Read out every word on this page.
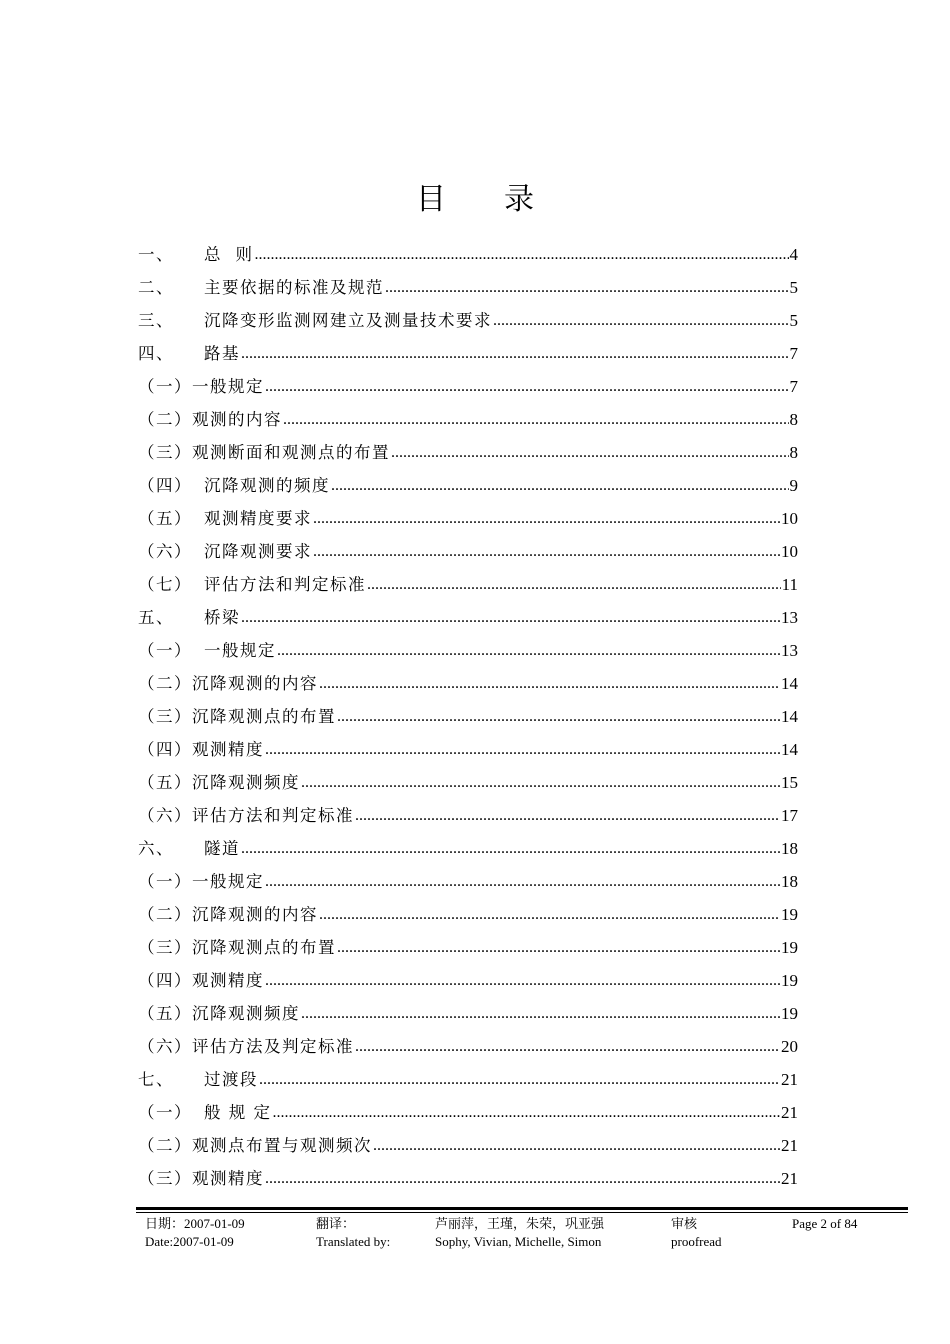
目 录
一、	总  则 .....	4
二、	主要依据的标准及规范 .....	5
三、	沉降变形监测网建立及测量技术要求 .....	5
四、	路基 .....	7
（一） 一般规定 .....	7
（二） 观测的内容 .....	8
（三） 观测断面和观测点的布置 .....	8
（四） 沉降观测的频度 .....	9
（五） 观测精度要求 .....	10
（六） 沉降观测要求 .....	10
（七） 评估方法和判定标准 .....	11
五、	桥梁 .....	13
（一） 一般规定 .....	13
（二） 沉降观测的内容 .....	14
（三） 沉降观测点的布置 .....	14
（四） 观测精度 .....	14
（五） 沉降观测频度 .....	15
（六） 评估方法和判定标准 .....	17
六、	隧道 .....	18
（一） 一般规定 .....	18
（二） 沉降观测的内容 .....	19
（三） 沉降观测点的布置 .....	19
（四） 观测精度 .....	19
（五） 沉降观测频度 .....	19
（六） 评估方法及判定标准 .....	20
七、	过渡段 .....	21
（一） 般 规 定 .....	21
（二） 观测点布置与观测频次 .....	21
（三） 观测精度 .....	21
日期：2007-01-09
Date:2007-01-09
翻译：
Translated by:
芦丽萍，王瑾，朱荣，巩亚强
Sophy, Vivian, Michelle, Simon
审核
proofread
Page 2 of 84
